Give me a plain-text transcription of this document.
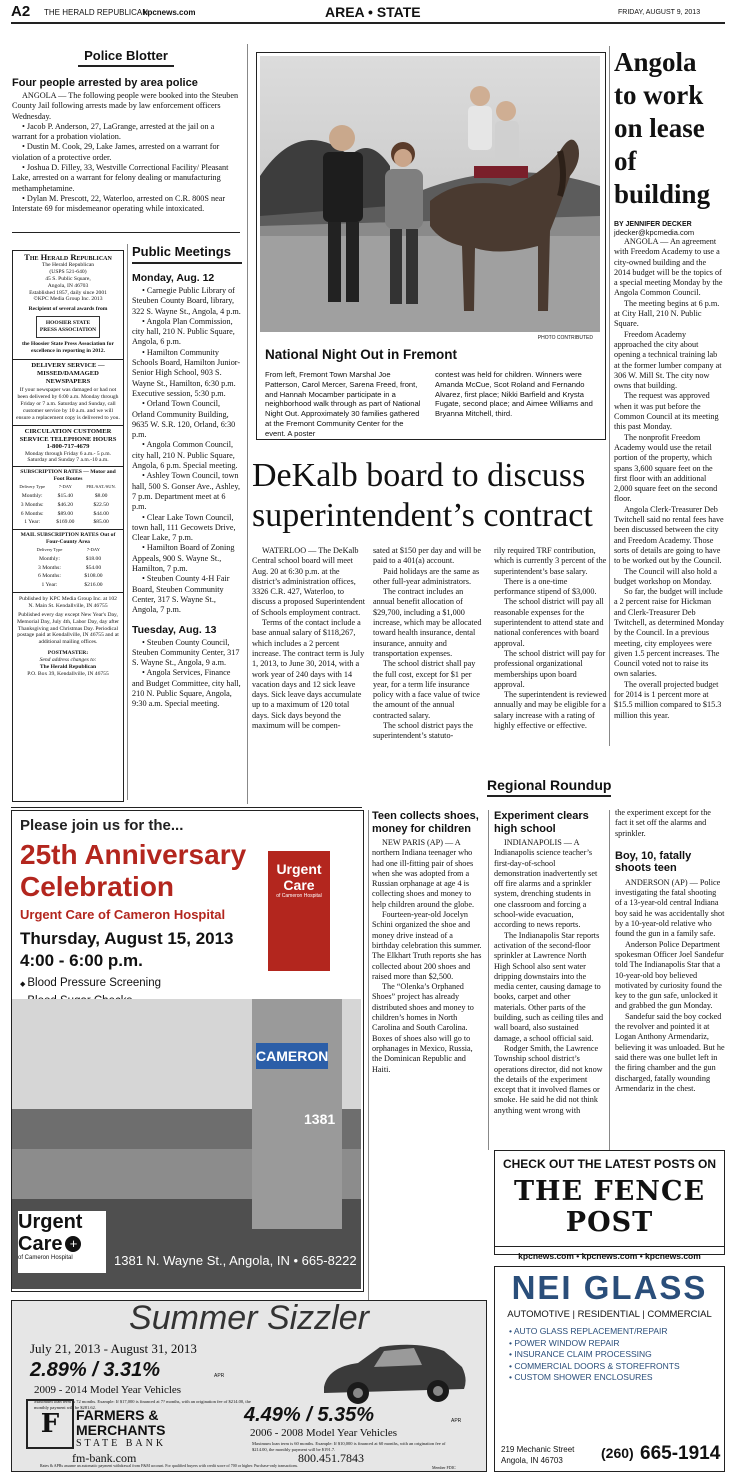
A2 THE HERALD REPUBLICAN
kpcnews.com	AREA • STATE	FRIDAY, AUGUST 9, 2013
Police Blotter
Four people arrested by area police

ANGOLA — The following people were booked into the Steuben County Jail following arrests made by law enforcement officers Wednesday.

• Jacob P. Anderson, 27, LaGrange, arrested at the jail on a warrant for a probation violation.

• Dustin M. Cook, 29, Lake James, arrested on a warrant for violation of a protective order.

• Joshua D. Filley, 33, Westville Correctional Facility/ Pleasant Lake, arrested on a warrant for felony dealing or manufacturing methamphetamine.

• Dylan M. Prescott, 22, Waterloo, arrested on C.R. 800S near Interstate 69 for misdemeanor operating while intoxicated.

The Herald Republican
The Herald Republican
(USPS 521-640)
45 S. Public Square,
Angola, IN 46703
Established 1857, daily since 2001
©KPC Media Group Inc. 2013
Recipient of several awards from
HOOSIER STATE PRESS ASSOCIATION
the Hoosier State Press Association for excellence in reporting in 2012.
DELIVERY SERVICE — MISSED/DAMAGED NEWSPAPERS
If your newspaper was damaged or had not been delivered by 6:00 a.m. Monday through Friday or 7 a.m. Saturday and Sunday, call customer service by 10 a.m. and we will ensure a replacement copy is delivered to you.
CIRCULATION CUSTOMER SERVICE TELEPHONE HOURS
1-800-717-4679
Monday through Friday 6 a.m.- 5 p.m. Saturday and Sunday 7 a.m.-10 a.m.
SUBSCRIPTION RATES — Motor and Foot Routes
Delivery Type	7-DAY	FRI./SAT./SUN.
Monthly:	$15.40	$8.00
3 Months:	$46.20	$22.50
6 Months:	$89.00	$44.00
1 Year:	$169.00	$85.00
MAIL SUBSCRIPTION RATES Out of Four-County Area
Delivery Type	7-DAY
Monthly:	$18.00
3 Months:	$54.00
6 Months:	$108.00
1 Year:	$216.00
Published by KPC Media Group Inc. at 102 N. Main St. Kendallville, IN 46755
Published every day except New Year's Day, Memorial Day, July 4th, Labor Day, day after Thanksgiving and Christmas Day. Periodical postage paid at Kendallville, IN 46755 and at additional mailing offices.
POSTMASTER:
Send address changes to:
The Herald Republican
P.O. Box 39, Kendallville, IN 46755
Public Meetings
Monday, Aug. 12

• Carnegie Public Library of Steuben County Board, library, 322 S. Wayne St., Angola, 4 p.m.

• Angola Plan Commission, city hall, 210 N. Public Square, Angola, 6 p.m.

• Hamilton Community Schools Board, Hamilton Junior-Senior High School, 903 S. Wayne St., Hamilton, 6:30 p.m. Executive session, 5:30 p.m.

• Orland Town Council, Orland Community Building, 9635 W. S.R. 120, Orland, 6:30 p.m.

• Angola Common Council, city hall, 210 N. Public Square, Angola, 6 p.m. Special meeting.

• Ashley Town Council, town hall, 500 S. Gonser Ave., Ashley, 7 p.m. Department meet at 6 p.m.

• Clear Lake Town Council, town hall, 111 Gecowets Drive, Clear Lake, 7 p.m.

• Hamilton Board of Zoning Appeals, 900 S. Wayne St., Hamilton, 7 p.m.

• Steuben County 4-H Fair Board, Steuben Community Center, 317 S. Wayne St., Angola, 7 p.m.

Tuesday, Aug. 13

• Steuben County Council, Steuben Community Center, 317 S. Wayne St., Angola, 9 a.m.

• Angola Services, Finance and Budget Committee, city hall, 210 N. Public Square, Angola, 9:30 a.m. Special meeting.

PHOTO CONTRIBUTED
National Night Out in Fremont
From left, Fremont Town Marshal Joe Patterson, Carol Mercer, Sarena Freed, front, and Hannah Mocamber participate in a neighborhood walk through as part of National Night Out. Approximately 30 families gathered at the Fremont Community Center for the event. A poster
contest was held for children. Winners were Amanda McCue, Scot Roland and Fernando Alvarez, first place; Nikki Barfield and Krysta Fugate, second place; and Aimee Williams and Bryanna Mitchell, third.
Angola to work on lease of building
BY JENNIFER DECKER
jdecker@kpcmedia.com

ANGOLA — An agreement with Freedom Academy to use a city-owned building and the 2014 budget will be the topics of a special meeting Monday by the Angola Common Council.

The meeting begins at 6 p.m. at City Hall, 210 N. Public Square.

Freedom Academy approached the city about opening a technical training lab at the former lumber company at 306 W. Mill St. The city now owns that building.

The request was approved when it was put before the Common Council at its meeting this past Monday.

The nonprofit Freedom Academy would use the retail portion of the property, which spans 3,600 square feet on the first floor with an additional 2,000 square feet on the second floor.

Angola Clerk-Treasurer Deb Twitchell said no rental fees have been discussed between the city and Freedom Academy. Those sorts of details are going to have to be worked out by the Council.

The Council will also hold a budget workshop on Monday.

So far, the budget will include a 2 percent raise for Hickman and Clerk-Treasurer Deb Twitchell, as determined Monday by the Council. In a previous meeting, city employees were given 1.5 percent increases. The Council voted not to raise its own salaries.

The overall projected budget for 2014 is 1 percent more at $15.5 million compared to $15.3 million this year.

DeKalb board to discuss superintendent’s contract

WATERLOO — The DeKalb Central school board will meet Aug. 20 at 6:30 p.m. at the district’s administration offices, 3326 C.R. 427, Waterloo, to discuss a proposed Superintendent of Schools employment contract.

Terms of the contact include a base annual salary of $118,267, which includes a 2 percent increase. The contract term is July 1, 2013, to June 30, 2014, with a work year of 240 days with 14 vacation days and 12 sick leave days. Sick leave days accumulate up to a maximum of 120 total days. Sick days beyond the maximum will be compen-

sated at $150 per day and will be paid to a 401(a) account.

Paid holidays are the same as other full-year administrators.

The contract includes an annual benefit allocation of $29,700, including a $1,000 increase, which may be allocated toward health insurance, dental insurance, annuity and transportation expenses.

The school district shall pay the full cost, except for $1 per year, for a term life insurance policy with a face value of twice the amount of the annual contracted salary.

The school district pays the superintendent’s statuto-

rily required TRF contribution, which is currently 3 percent of the superintendent’s base salary.

There is a one-time performance stipend of $3,000.

The school district will pay all reasonable expenses for the superintendent to attend state and national conferences with board approval.

The school district will pay for professional organizational memberships upon board approval.

The superintendent is reviewed annually and may be eligible for a salary increase with a rating of highly effective or effective.

Regional Roundup
Please join us for the...
25th Anniversary
Celebration
Urgent Care of Cameron Hospital
Thursday, August 15, 2013
4:00 - 6:00 p.m.
◆ Blood Pressure Screening
Urgent
Care
of Cameron Hospital
CAMERON
1381
Urgent
Care +
of Cameron Hospital	1381 N. Wayne St., Angola, IN • 665-8222
Teen collects shoes, money for children

NEW PARIS (AP) — A northern Indiana teenager who had one ill-fitting pair of shoes when she was adopted from a Russian orphanage at age 4 is collecting shoes and money to help children around the globe.

Fourteen-year-old Jocelyn Schini organized the shoe and money drive instead of a birthday celebration this summer. The Elkhart Truth reports she has collected about 200 shoes and raised more than $2,500.

The “Olenka’s Orphaned Shoes” project has already distributed shoes and money to children’s homes in North Carolina and South Carolina. Boxes of shoes also will go to orphanages in Mexico, Russia, the Dominican Republic and Haiti.

Experiment clears high school

INDIANAPOLIS — A Indianapolis science teacher’s first-day-of-school demonstration inadvertently set off fire alarms and a sprinkler system, drenching students in one classroom and forcing a school-wide evacuation, according to news reports.

The Indianapolis Star reports activation of the second-floor sprinkler at Lawrence North High School also sent water dripping downstairs into the media center, causing damage to books, carpet and other materials. Other parts of the building, such as ceiling tiles and wall board, also sustained damage, a school official said.

Rodger Smith, the Lawrence Township school district’s operations director, did not know the details of the experiment except that it involved flames or smoke. He said he did not think anything went wrong with

the experiment except for the fact it set off the alarms and sprinkler.
Boy, 10, fatally shoots teen

ANDERSON (AP) — Police investigating the fatal shooting of a 13-year-old central Indiana boy said he was accidentally shot by a 10-year-old relative who found the gun in a family safe.

Anderson Police Department spokesman Officer Joel Sandefur told The Indianapolis Star that a 10-year-old boy believed motivated by curiosity found the key to the gun safe, unlocked it and grabbed the gun Monday.

Sandefur said the boy cocked the revolver and pointed it at Logan Anthony Armendariz, believing it was unloaded. But he said there was one bullet left in the firing chamber and the gun discharged, fatally wounding Armendariz in the chest.

CHECK OUT THE LATEST POSTS ON
THE FENCE POST
kpcnews.com • kpcnews.com • kpcnews.com
NEI GLASS
AUTOMOTIVE | RESIDENTIAL | COMMERCIAL
• AUTO GLASS REPLACEMENT/REPAIR
• POWER WINDOW REPAIR
• INSURANCE CLAIM PROCESSING
• COMMERCIAL DOORS & STOREFRONTS
• CUSTOM SHOWER ENCLOSURES
219 Mechanic Street
Angola, IN 46703	(260) 665-1914
Summer Sizzler
July 21, 2013 - August 31, 2013
2.89% / 3.31%	APR
2009 - 2014 Model Year Vehicles
Maximum loan term is 72 months. Example: If $17,000 is financed at 7? months, with an origination fee of $214.00, the monthly payment will be $281.62.
F FARMERS &
MERCHANTS
STATE BANK
4.49% / 5.35%	APR
2006 - 2008 Model Year Vehicles
Maximum loan term is 60 months. Example: If $10,000 is financed at 60 months, with an origination fee of $214.00, the monthly payment will be $191.7.
fm-bank.com	800.451.7843
Rates & APRs assume an automatic payment withdrawal from F&M account. For qualified buyers with credit score of 700 or higher. Purchase-only transactions.	Member FDIC
